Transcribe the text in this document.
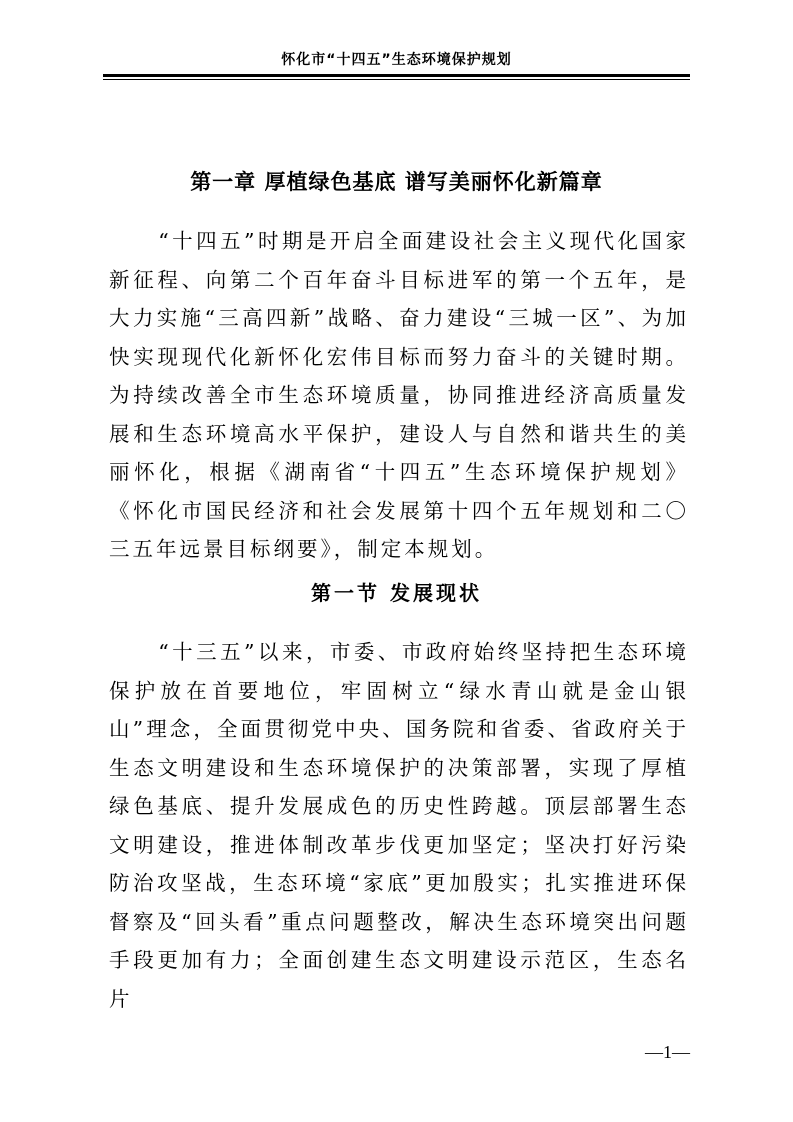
怀化市“十四五”生态环境保护规划
第一章 厚植绿色基底 谱写美丽怀化新篇章

“十四五”时期是开启全面建设社会主义现代化国家新征程、向第二个百年奋斗目标进军的第一个五年，是大力实施“三高四新”战略、奋力建设“三城一区”、为加快实现现代化新怀化宏伟目标而努力奋斗的关键时期。为持续改善全市生态环境质量，协同推进经济高质量发展和生态环境高水平保护，建设人与自然和谐共生的美丽怀化，根据《湖南省“十四五”生态环境保护规划》《怀化市国民经济和社会发展第十四个五年规划和二〇三五年远景目标纲要》，制定本规划。

第一节 发展现状

“十三五”以来，市委、市政府始终坚持把生态环境保护放在首要地位，牢固树立“绿水青山就是金山银山”理念，全面贯彻党中央、国务院和省委、省政府关于生态文明建设和生态环境保护的决策部署，实现了厚植绿色基底、提升发展成色的历史性跨越。顶层部署生态文明建设，推进体制改革步伐更加坚定；坚决打好污染防治攻坚战，生态环境“家底”更加殷实；扎实推进环保督察及“回头看”重点问题整改，解决生态环境突出问题手段更加有力；全面创建生态文明建设示范区，生态名片

—1—
